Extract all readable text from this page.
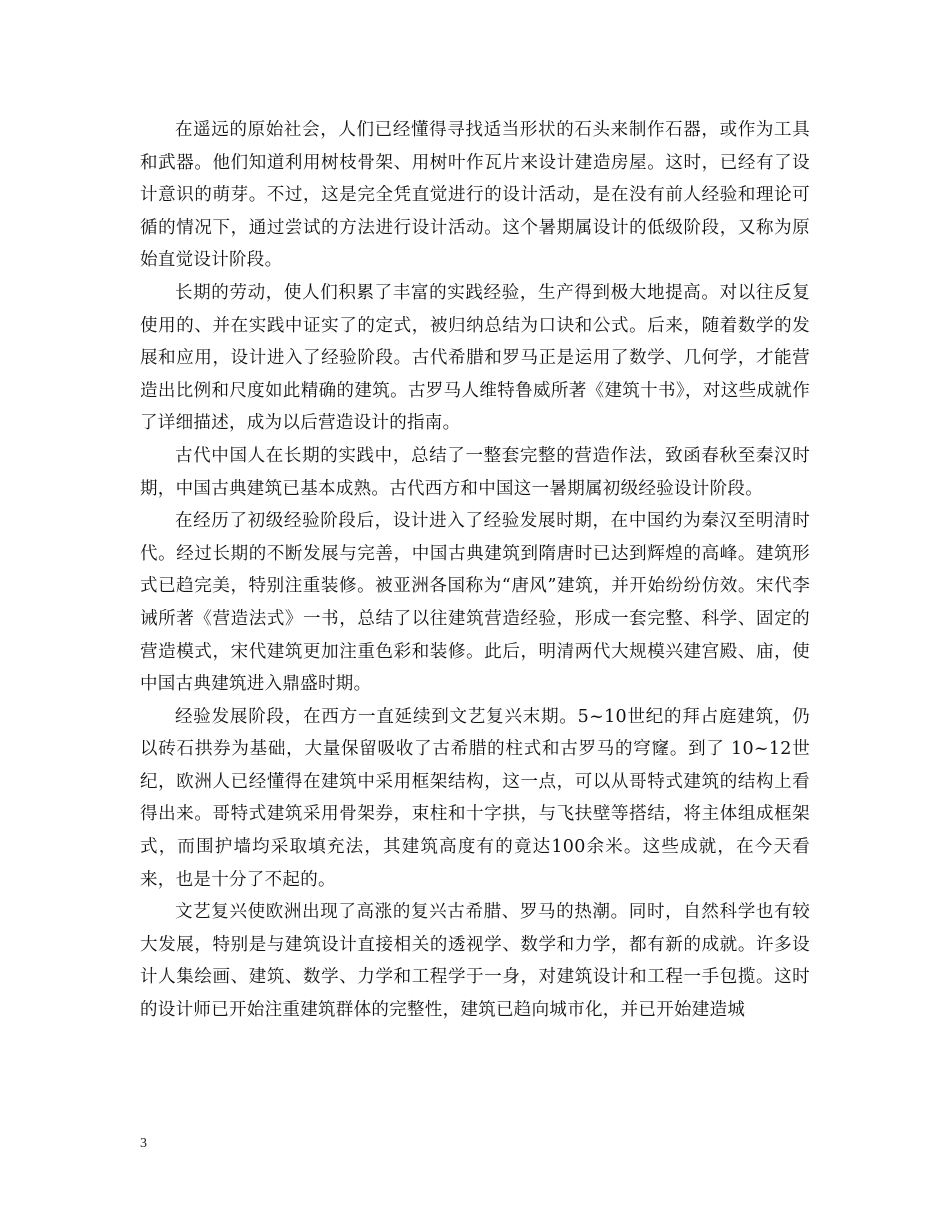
在遥远的原始社会，人们已经懂得寻找适当形状的石头来制作石器，或作为工具和武器。他们知道利用树枝骨架、用树叶作瓦片来设计建造房屋。这时，已经有了设计意识的萌芽。不过，这是完全凭直觉进行的设计活动，是在没有前人经验和理论可循的情况下，通过尝试的方法进行设计活动。这个暑期属设计的低级阶段，又称为原始直觉设计阶段。

长期的劳动，使人们积累了丰富的实践经验，生产得到极大地提高。对以往反复使用的、并在实践中证实了的定式，被归纳总结为口诀和公式。后来，随着数学的发展和应用，设计进入了经验阶段。古代希腊和罗马正是运用了数学、几何学，才能营造出比例和尺度如此精确的建筑。古罗马人维特鲁威所著《建筑十书》，对这些成就作了详细描述，成为以后营造设计的指南。

古代中国人在长期的实践中，总结了一整套完整的营造作法，致函春秋至秦汉时期，中国古典建筑已基本成熟。古代西方和中国这一暑期属初级经验设计阶段。

在经历了初级经验阶段后，设计进入了经验发展时期，在中国约为秦汉至明清时代。经过长期的不断发展与完善，中国古典建筑到隋唐时已达到辉煌的高峰。建筑形式已趋完美，特别注重装修。被亚洲各国称为“唐风”建筑，并开始纷纷仿效。宋代李诫所著《营造法式》一书，总结了以往建筑营造经验，形成一套完整、科学、固定的营造模式，宋代建筑更加注重色彩和装修。此后，明清两代大规模兴建宫殿、庙，使中国古典建筑进入鼎盛时期。

经验发展阶段，在西方一直延续到文艺复兴末期。5~10世纪的拜占庭建筑，仍以砖石拱券为基础，大量保留吸收了古希腊的柱式和古罗马的穹窿。到了 10~12世纪，欧洲人已经懂得在建筑中采用框架结构，这一点，可以从哥特式建筑的结构上看得出来。哥特式建筑采用骨架券，束柱和十字拱，与飞扶壁等搭结，将主体组成框架式，而围护墙均采取填充法，其建筑高度有的竟达100余米。这些成就，在今天看来，也是十分了不起的。

文艺复兴使欧洲出现了高涨的复兴古希腊、罗马的热潮。同时，自然科学也有较大发展，特别是与建筑设计直接相关的透视学、数学和力学，都有新的成就。许多设计人集绘画、建筑、数学、力学和工程学于一身，对建筑设计和工程一手包揽。这时的设计师已开始注重建筑群体的完整性，建筑已趋向城市化，并已开始建造城

3
